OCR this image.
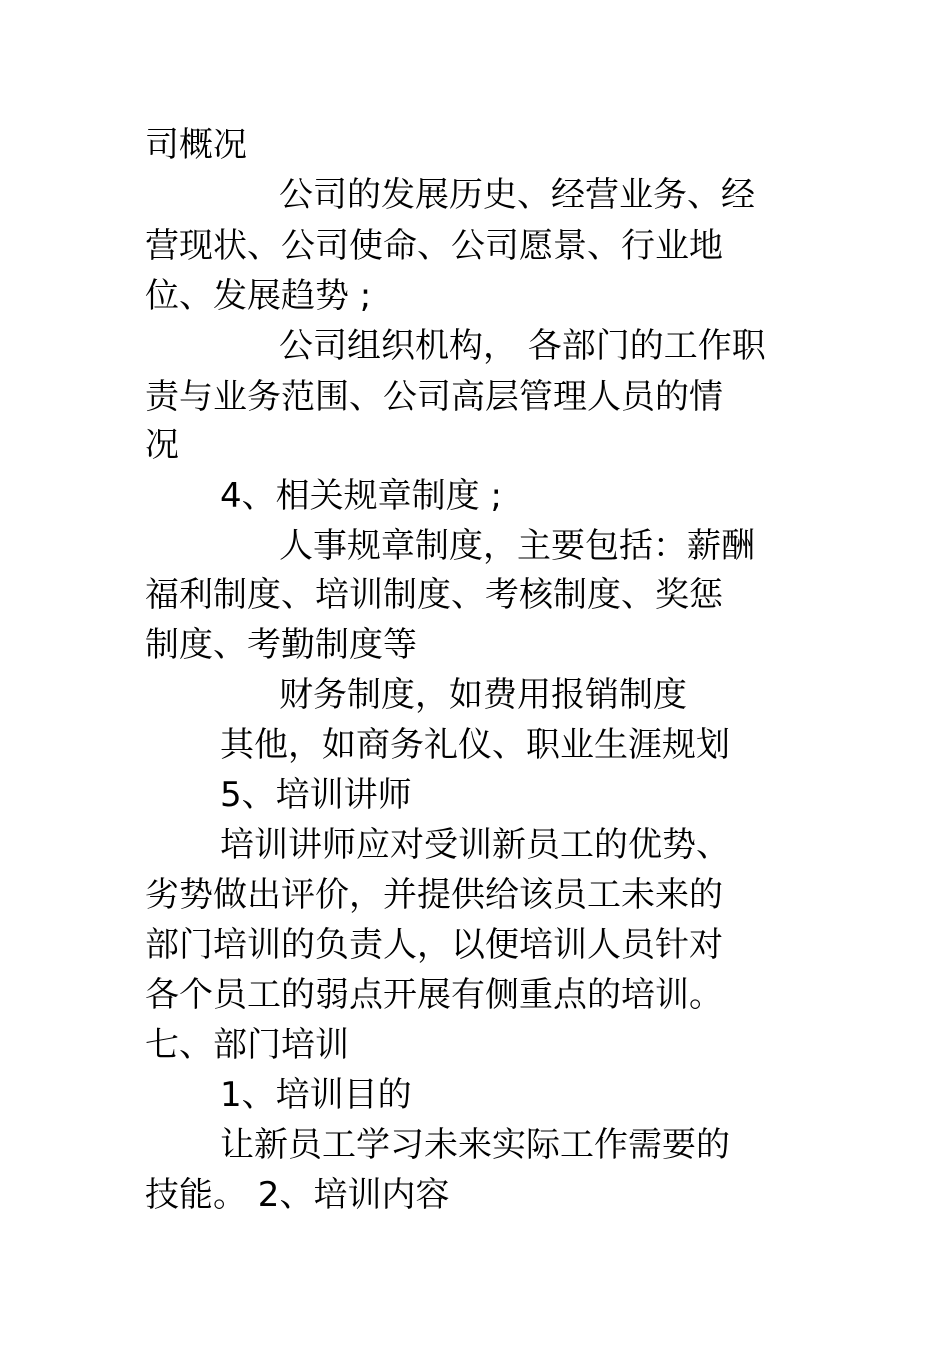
司概况
公司的发展历史、经营业务、经
营现状、公司使命、公司愿景、行业地
位、发展趋势 ;
公司组织机构， 各部门的工作职
责与业务范围、公司高层管理人员的情
况
4、相关规章制度 ;
人事规章制度，主要包括：薪酬
福利制度、培训制度、考核制度、奖惩
制度、考勤制度等
财务制度，如费用报销制度
其他，如商务礼仪、职业生涯规划
5、培训讲师
培训讲师应对受训新员工的优势、
劣势做出评价，并提供给该员工未来的
部门培训的负责人，以便培训人员针对
各个员工的弱点开展有侧重点的培训。
七、部门培训
1、培训目的
让新员工学习未来实际工作需要的
技能。 2、培训内容
